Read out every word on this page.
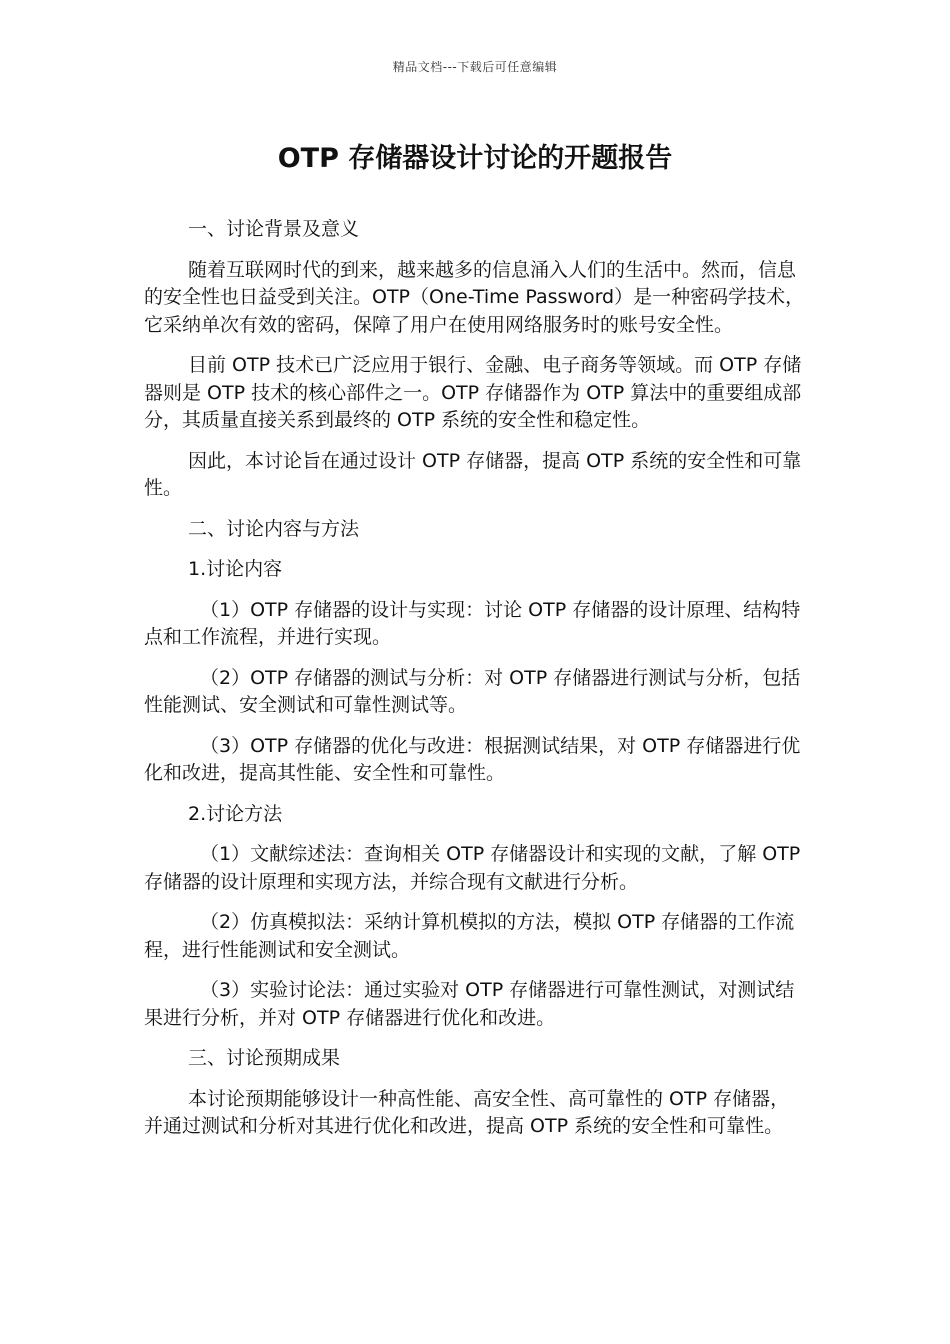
精品文档---下载后可任意编辑
OTP 存储器设计讨论的开题报告

一、讨论背景及意义

随着互联网时代的到来，越来越多的信息涌入人们的生活中。然而，信息的安全性也日益受到关注。OTP（One-Time Password）是一种密码学技术，它采纳单次有效的密码，保障了用户在使用网络服务时的账号安全性。

目前 OTP 技术已广泛应用于银行、金融、电子商务等领域。而 OTP 存储器则是 OTP 技术的核心部件之一。OTP 存储器作为 OTP 算法中的重要组成部分，其质量直接关系到最终的 OTP 系统的安全性和稳定性。

因此，本讨论旨在通过设计 OTP 存储器，提高 OTP 系统的安全性和可靠性。

二、讨论内容与方法

1.讨论内容

（1）OTP 存储器的设计与实现：讨论 OTP 存储器的设计原理、结构特点和工作流程，并进行实现。

（2）OTP 存储器的测试与分析：对 OTP 存储器进行测试与分析，包括性能测试、安全测试和可靠性测试等。

（3）OTP 存储器的优化与改进：根据测试结果，对 OTP 存储器进行优化和改进，提高其性能、安全性和可靠性。

2.讨论方法

（1）文献综述法：查询相关 OTP 存储器设计和实现的文献，了解 OTP 存储器的设计原理和实现方法，并综合现有文献进行分析。

（2）仿真模拟法：采纳计算机模拟的方法，模拟 OTP 存储器的工作流程，进行性能测试和安全测试。

（3）实验讨论法：通过实验对 OTP 存储器进行可靠性测试，对测试结果进行分析，并对 OTP 存储器进行优化和改进。

三、讨论预期成果

本讨论预期能够设计一种高性能、高安全性、高可靠性的 OTP 存储器，并通过测试和分析对其进行优化和改进，提高 OTP 系统的安全性和可靠性。
